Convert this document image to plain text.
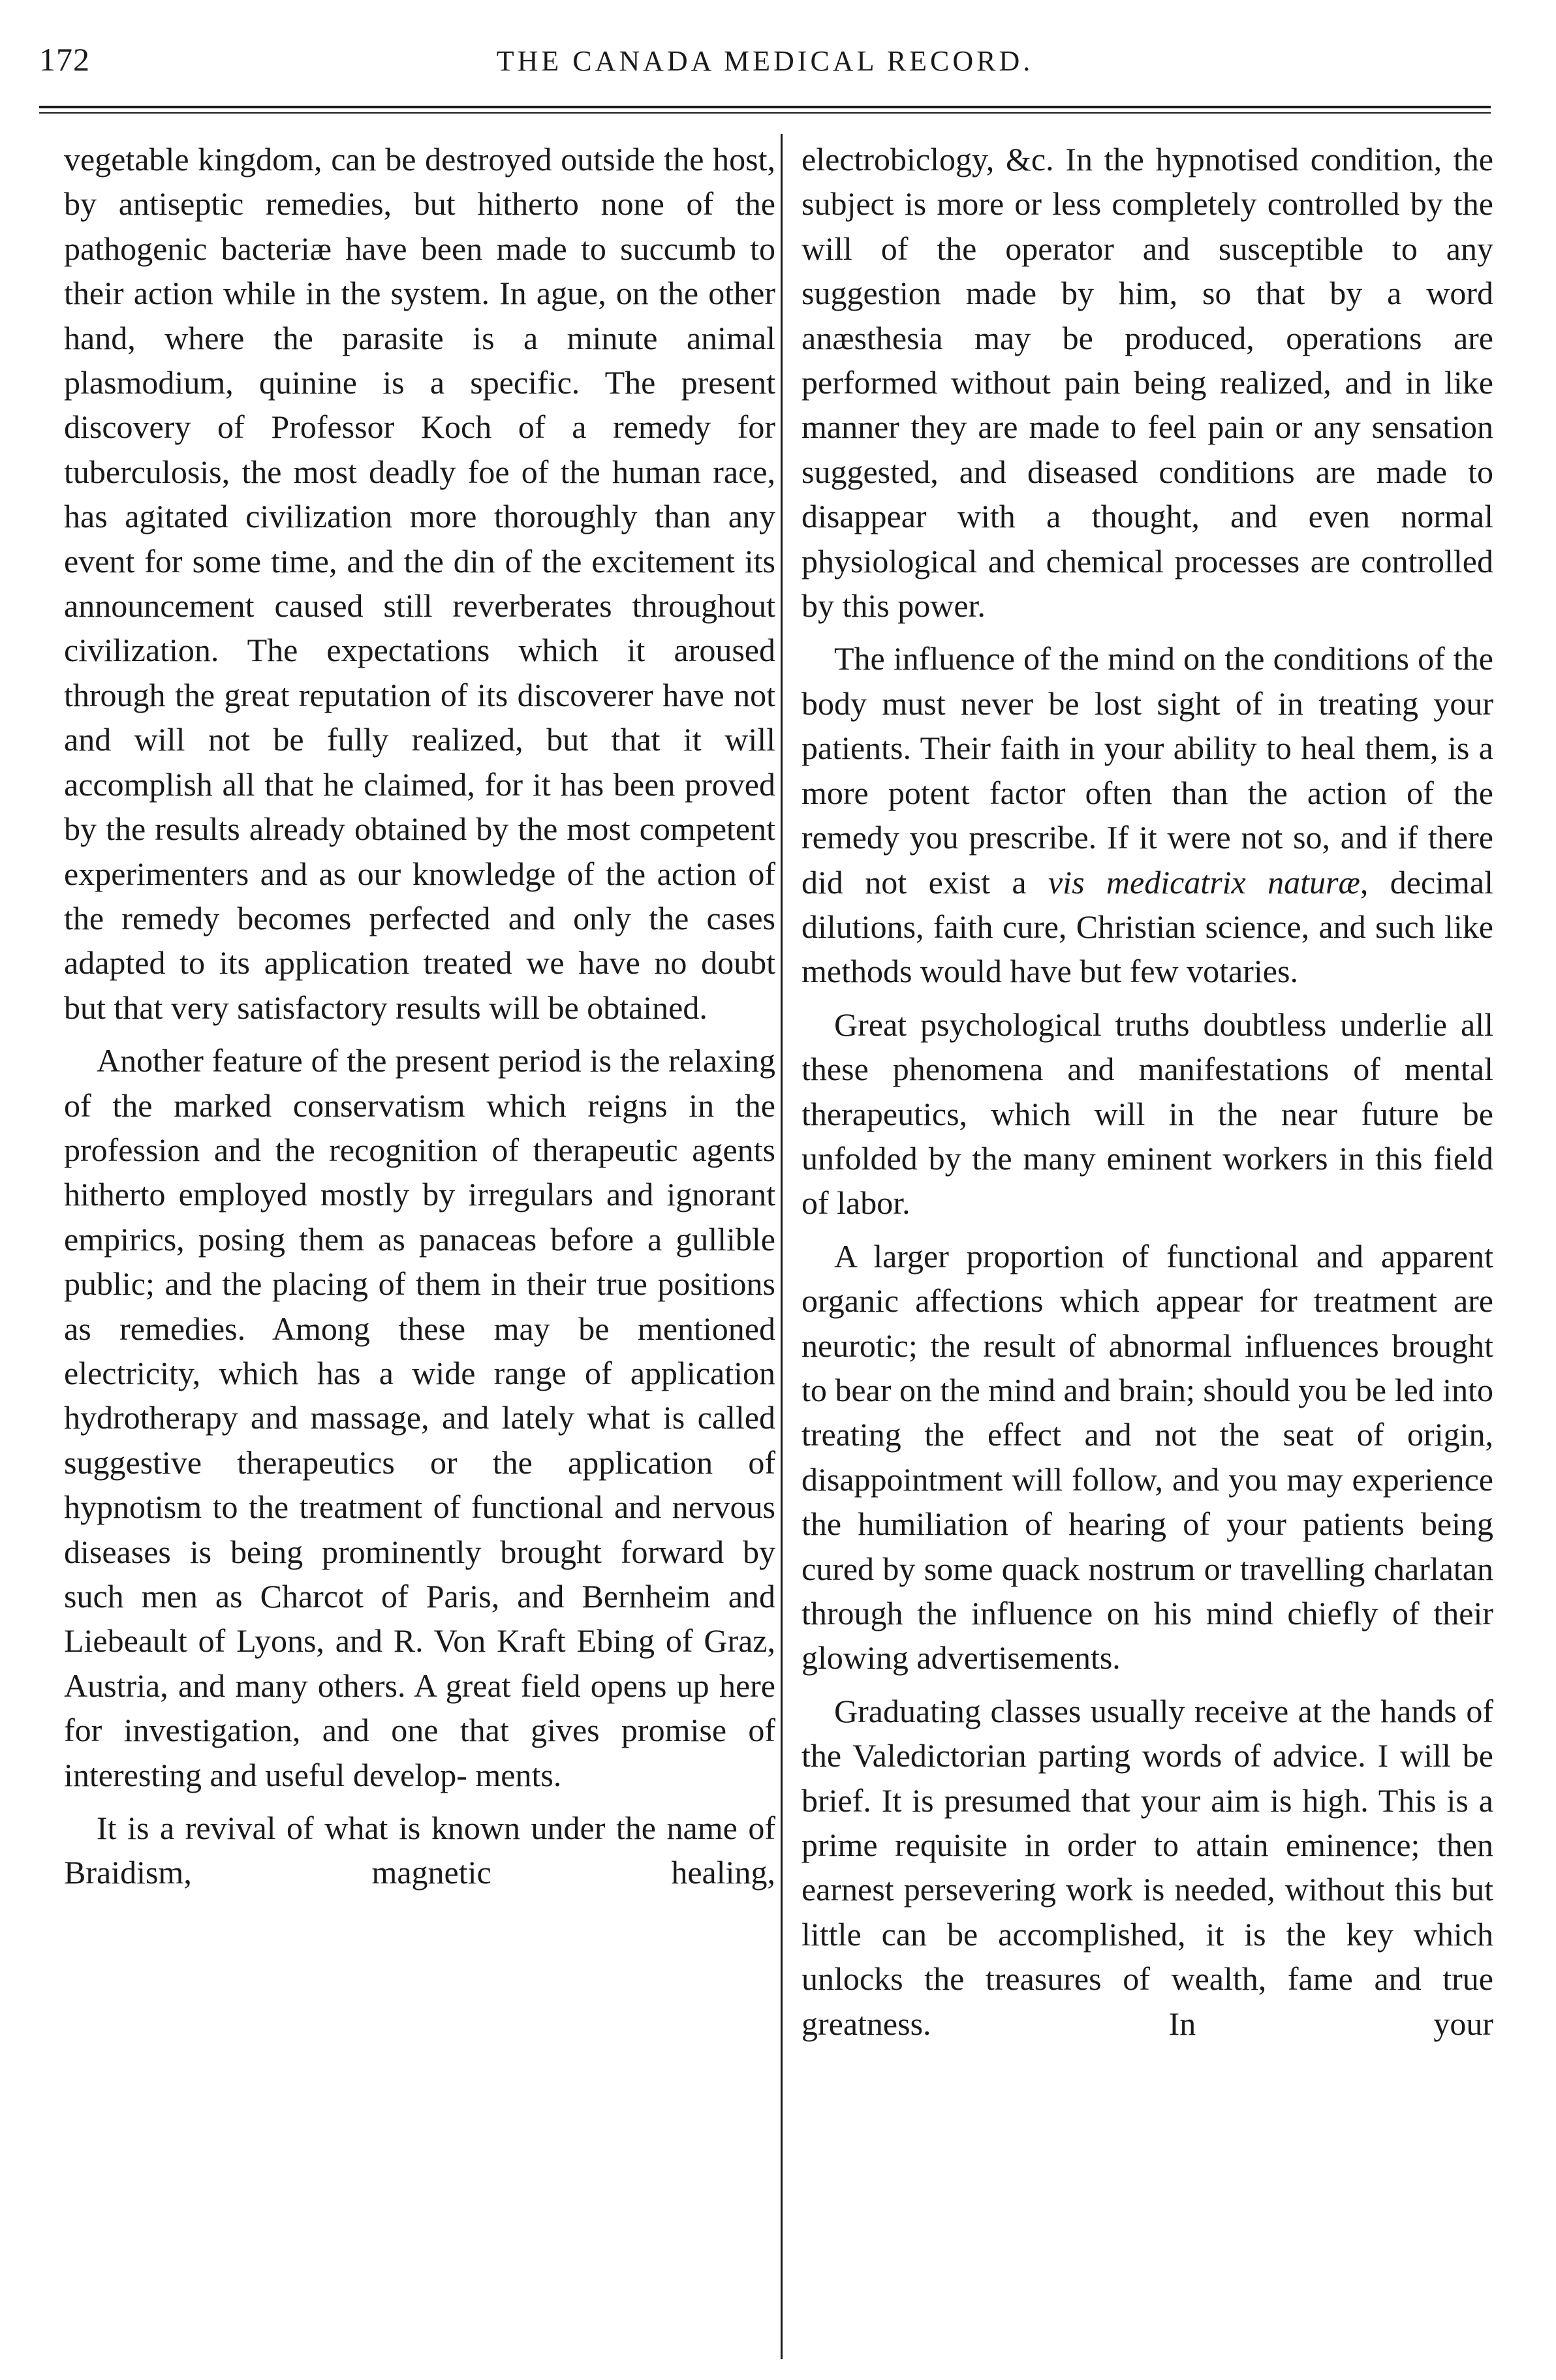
172	THE CANADA MEDICAL RECORD.

vegetable kingdom, can be destroyed outside the host, by antiseptic remedies, but hitherto none of the pathogenic bacteriæ have been made to succumb to their action while in the system. In ague, on the other hand, where the parasite is a minute animal plasmodium, quinine is a specific. The present discovery of Professor Koch of a remedy for tuberculosis, the most deadly foe of the human race, has agitated civilization more thoroughly than any event for some time, and the din of the excitement its announcement caused still reverberates throughout civilization. The expectations which it aroused through the great reputation of its discoverer have not and will not be fully realized, but that it will accomplish all that he claimed, for it has been proved by the results already obtained by the most competent experimenters and as our knowledge of the action of the remedy becomes perfected and only the cases adapted to its application treated we have no doubt but that very satisfactory results will be obtained.

Another feature of the present period is the relaxing of the marked conservatism which reigns in the profession and the recognition of therapeutic agents hitherto employed mostly by irregulars and ignorant empirics, posing them as panaceas before a gullible public; and the placing of them in their true positions as remedies. Among these may be mentioned electricity, which has a wide range of application hydrotherapy and massage, and lately what is called suggestive therapeutics or the application of hypnotism to the treatment of functional and nervous diseases is being prominently brought forward by such men as Charcot of Paris, and Bernheim and Liebeault of Lyons, and R. Von Kraft Ebing of Graz, Austria, and many others. A great field opens up here for investigation, and one that gives promise of interesting and useful develop- ments.

It is a revival of what is known under the name of Braidism, magnetic healing,

electrobiclogy, &c. In the hypnotised condition, the subject is more or less completely controlled by the will of the operator and susceptible to any suggestion made by him, so that by a word anæsthesia may be produced, operations are performed without pain being realized, and in like manner they are made to feel pain or any sensation suggested, and diseased conditions are made to disappear with a thought, and even normal physiological and chemical processes are controlled by this power.

The influence of the mind on the conditions of the body must never be lost sight of in treating your patients. Their faith in your ability to heal them, is a more potent factor often than the action of the remedy you prescribe. If it were not so, and if there did not exist a vis medicatrix naturæ, decimal dilutions, faith cure, Christian science, and such like methods would have but few votaries.

Great psychological truths doubtless underlie all these phenomena and manifestations of mental therapeutics, which will in the near future be unfolded by the many eminent workers in this field of labor.

A larger proportion of functional and apparent organic affections which appear for treatment are neurotic; the result of abnormal influences brought to bear on the mind and brain; should you be led into treating the effect and not the seat of origin, disappointment will follow, and you may experience the humiliation of hearing of your patients being cured by some quack nostrum or travelling charlatan through the influence on his mind chiefly of their glowing advertisements.

Graduating classes usually receive at the hands of the Valedictorian parting words of advice. I will be brief. It is presumed that your aim is high. This is a prime requisite in order to attain eminence; then earnest persevering work is needed, without this but little can be accomplished, it is the key which unlocks the treasures of wealth, fame and true greatness. In your
